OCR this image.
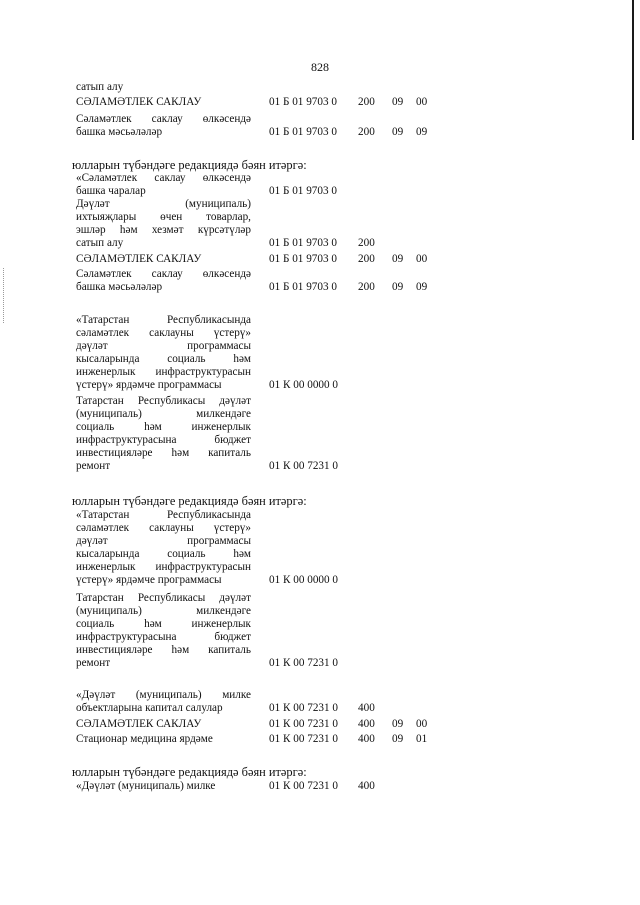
828
сатып алу
СӘЛАМӘТЛЕК САКЛАУ	01 Б 01 9703 0 200 09 00
Сәламәтлек саклау өлкәсендә
башка мәсьәләләр	01 Б 01 9703 0 200 09 09
юлларын түбәндәге редакциядә бәян итәргә:
«Сәламәтлек саклау өлкәсендә
башка чаралар	01 Б 01 9703 0
Дәүләт	(муниципаль)
ихтыяҗлары өчен товарлар,
эшләр һәм хезмәт күрсәтүләр
сатып алу	01 Б 01 9703 0 200
СӘЛАМӘТЛЕК САКЛАУ	01 Б 01 9703 0 200 09 00
Сәламәтлек саклау өлкәсендә
башка мәсьәләләр	01 Б 01 9703 0 200 09 09
«Татарстан	Республикасында
сәламәтлек саклауны үстерү»
дәүләт	программасы
кысаларында социаль һәм
инженерлык инфраструктурасын
үстерү» ярдәмче программасы	01 К 00 0000 0
Татарстан Республикасы дәүләт
(муниципаль)	милкендәге
социаль	һәм	инженерлык
инфраструктурасына	бюджет
инвестицияләре һәм капиталь
ремонт	01 К 00 7231 0
юлларын түбәндәге редакциядә бәян итәргә:
«Татарстан	Республикасында
сәламәтлек саклауны үстерү»
дәүләт	программасы
кысаларында социаль һәм
инженерлык инфраструктурасын
үстерү» ярдәмче программасы	01 К 00 0000 0
Татарстан Республикасы дәүләт
(муниципаль)	милкендәге
социаль	һәм	инженерлык
инфраструктурасына	бюджет
инвестицияләре һәм капиталь
ремонт	01 К 00 7231 0
«Дәүләт (муниципаль) милке
объектларына капитал салулар	01 К 00 7231 0 400
СӘЛАМӘТЛЕК САКЛАУ	01 К 00 7231 0 400 09 00
Стационар медицина ярдәме	01 К 00 7231 0 400 09 01
юлларын түбәндәге редакциядә бәян итәргә:
«Дәүләт (муниципаль) милке	01 К 00 7231 0 400
